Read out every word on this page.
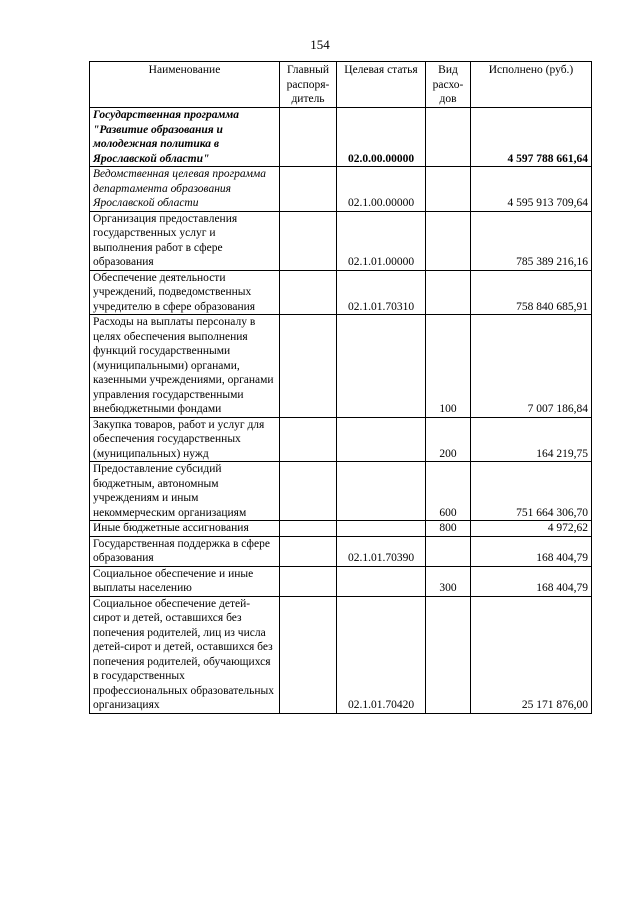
154
Наименование	Главный распоря-дитель	Целевая статья	Вид расхо-дов	Исполнено (руб.)
Государственная программа "Развитие образования и молодежная политика в Ярославской области"		02.0.00.00000		4 597 788 661,64
Ведомственная целевая программа департамента образования Ярославской области		02.1.00.00000		4 595 913 709,64
Организация предоставления государственных услуг и выполнения работ в сфере образования		02.1.01.00000		785 389 216,16
Обеспечение деятельности учреждений, подведомственных учредителю в сфере образования		02.1.01.70310		758 840 685,91
Расходы на выплаты персоналу в целях обеспечения выполнения функций государственными (муниципальными) органами, казенными учреждениями, органами управления государственными внебюджетными фондами			100	7 007 186,84
Закупка товаров, работ и услуг для обеспечения государственных (муниципальных) нужд			200	164 219,75
Предоставление субсидий бюджетным, автономным учреждениям и иным некоммерческим организациям			600	751 664 306,70
Иные бюджетные ассигнования			800	4 972,62
Государственная поддержка в сфере образования		02.1.01.70390		168 404,79
Социальное обеспечение и иные выплаты населению			300	168 404,79
Социальное обеспечение детей-сирот и детей, оставшихся без попечения родителей, лиц из числа детей-сирот и детей, оставшихся без попечения родителей, обучающихся в государственных профессиональных образовательных организациях		02.1.01.70420		25 171 876,00
